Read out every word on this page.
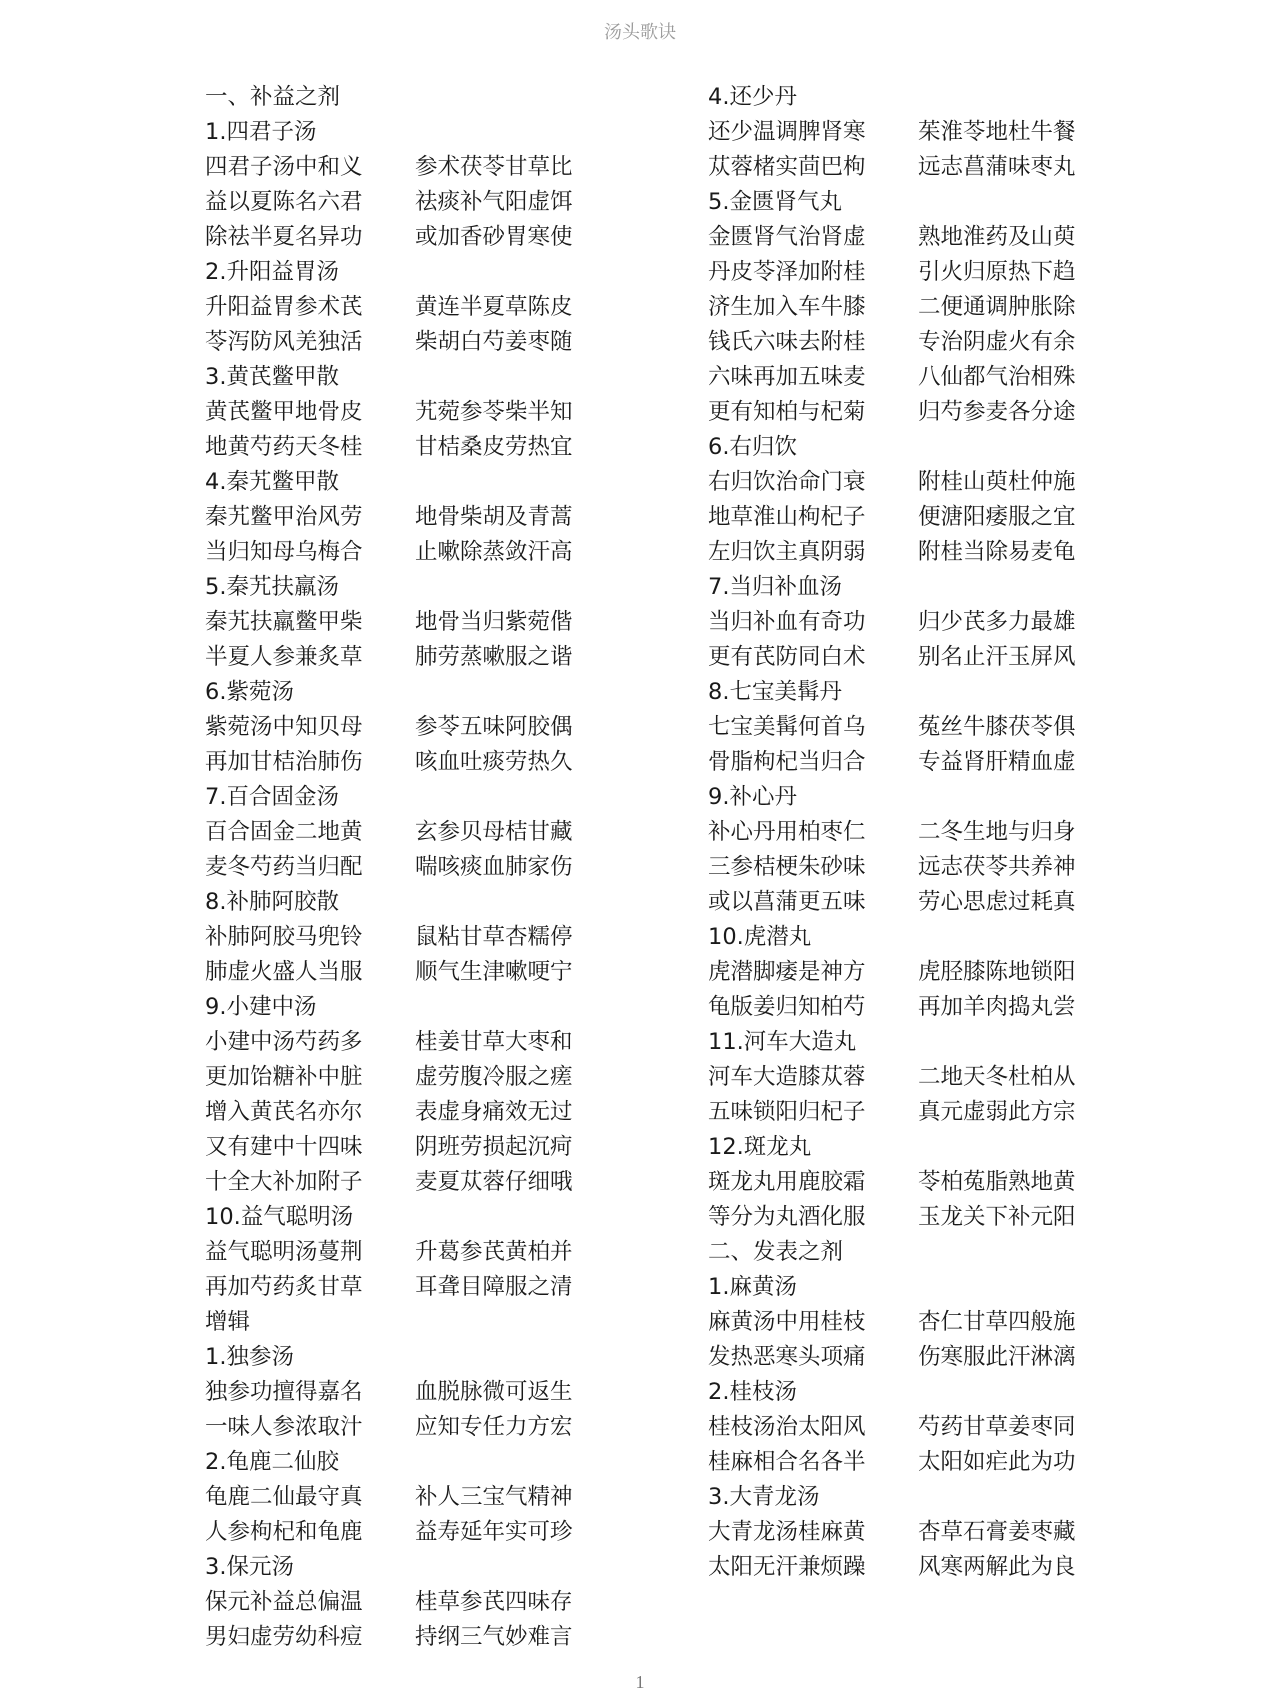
汤头歌诀
一、补益之剂
1.四君子汤
四君子汤中和义 参术茯苓甘草比
益以夏陈名六君 祛痰补气阳虚饵
除祛半夏名异功 或加香砂胃寒使
2.升阳益胃汤
升阳益胃参术芪 黄连半夏草陈皮
苓泻防风羌独活 柴胡白芍姜枣随
3.黄芪鳖甲散
黄芪鳖甲地骨皮 艽菀参苓柴半知
地黄芍药天冬桂 甘桔桑皮劳热宜
4.秦艽鳖甲散
秦艽鳖甲治风劳 地骨柴胡及青蒿
当归知母乌梅合 止嗽除蒸敛汗高
5.秦艽扶羸汤
秦艽扶羸鳖甲柴 地骨当归紫菀偕
半夏人参兼炙草 肺劳蒸嗽服之谐
6.紫菀汤
紫菀汤中知贝母 参苓五味阿胶偶
再加甘桔治肺伤 咳血吐痰劳热久
7.百合固金汤
百合固金二地黄 玄参贝母桔甘藏
麦冬芍药当归配 喘咳痰血肺家伤
8.补肺阿胶散
补肺阿胶马兜铃 鼠粘甘草杏糯停
肺虚火盛人当服 顺气生津嗽哽宁
9.小建中汤
小建中汤芍药多 桂姜甘草大枣和
更加饴糖补中脏 虚劳腹冷服之瘥
增入黄芪名亦尔 表虚身痛效无过
又有建中十四味 阴班劳损起沉疴
十全大补加附子 麦夏苁蓉仔细哦
10.益气聪明汤
益气聪明汤蔓荆 升葛参芪黄柏并
再加芍药炙甘草 耳聋目障服之清
增辑
1.独参汤
独参功擅得嘉名 血脱脉微可返生
一味人参浓取汁 应知专任力方宏
2.龟鹿二仙胶
龟鹿二仙最守真 补人三宝气精神
人参枸杞和龟鹿 益寿延年实可珍
3.保元汤
保元补益总偏温 桂草参芪四味存
男妇虚劳幼科痘 持纲三气妙难言
4.还少丹
还少温调脾肾寒 茱淮苓地杜牛餐
苁蓉楮实茴巴枸 远志菖蒲味枣丸
5.金匮肾气丸
金匮肾气治肾虚 熟地淮药及山萸
丹皮苓泽加附桂 引火归原热下趋
济生加入车牛膝 二便通调肿胀除
钱氏六味去附桂 专治阴虚火有余
六味再加五味麦 八仙都气治相殊
更有知柏与杞菊 归芍参麦各分途
6.右归饮
右归饮治命门衰 附桂山萸杜仲施
地草淮山枸杞子 便溏阳痿服之宜
左归饮主真阴弱 附桂当除易麦龟
7.当归补血汤
当归补血有奇功 归少芪多力最雄
更有芪防同白术 别名止汗玉屏风
8.七宝美髯丹
七宝美髯何首乌 菟丝牛膝茯苓俱
骨脂枸杞当归合 专益肾肝精血虚
9.补心丹
补心丹用柏枣仁 二冬生地与归身
三参桔梗朱砂味 远志茯苓共养神
或以菖蒲更五味 劳心思虑过耗真
10.虎潜丸
虎潜脚痿是神方 虎胫膝陈地锁阳
龟版姜归知柏芍 再加羊肉捣丸尝
11.河车大造丸
河车大造膝苁蓉 二地天冬杜柏从
五味锁阳归杞子 真元虚弱此方宗
12.斑龙丸
斑龙丸用鹿胶霜 苓柏菟脂熟地黄
等分为丸酒化服 玉龙关下补元阳
二、发表之剂
1.麻黄汤
麻黄汤中用桂枝 杏仁甘草四般施
发热恶寒头项痛 伤寒服此汗淋漓
2.桂枝汤
桂枝汤治太阳风 芍药甘草姜枣同
桂麻相合名各半 太阳如疟此为功
3.大青龙汤
大青龙汤桂麻黄 杏草石膏姜枣藏
太阳无汗兼烦躁 风寒两解此为良
1
